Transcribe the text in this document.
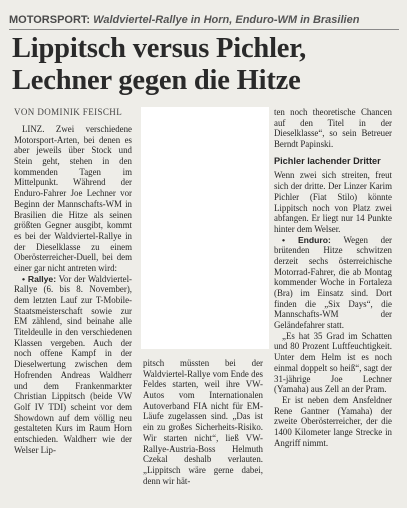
MOTORSPORT: Waldviertel-Rallye in Horn, Enduro-WM in Brasilien
Lippitsch versus Pichler,
Lechner gegen die Hitze
VON DOMINIK FEISCHL

LINZ. Zwei verschiedene Motorsport-Arten, bei denen es aber jeweils über Stock und Stein geht, stehen in den kommenden Tagen im Mittelpunkt. Während der Enduro-Fahrer Joe Lechner vor Beginn der Mannschafts-WM in Brasilien die Hitze als seinen größten Gegner ausgibt, kommt es bei der Waldviertel-Rallye in der Dieselklasse zu einem Oberösterreicher-Duell, bei dem einer gar nicht antreten wird:

• Rallye: Vor der Waldviertel-Rallye (6. bis 8. November), dem letzten Lauf zur T-Mobile-Staatsmeisterschaft sowie zur EM zählend, sind beinahe alle Titeldeulle in den verschiedenen Klassen vergeben. Auch der noch offene Kampf in der Dieselwertung zwischen dem Hofrenden Andreas Waldherr und dem Frankenmarkter Christian Lippitsch (beide VW Golf IV TDI) scheint vor dem Showdown auf dem völlig neu gestalteten Kurs im Raum Horn entschieden. Waldherr wie der Welser Lip-

pitsch müssten bei der Waldviertel-Rallye vom Ende des Feldes starten, weil ihre VW-Autos vom Internationalen Autoverband FIA nicht für EM-Läufe zugelassen sind. „Das ist ein zu großes Sicherheits-Risiko. Wir starten nicht“, ließ VW-Rallye-Austria-Boss Helmuth Czekal deshalb verlauten. „Lippitsch wäre gerne dabei, denn wir hät-

ten noch theoretische Chancen auf den Titel in der Dieselklasse“, so sein Betreuer Berndt Papinski.

Pichler lachender Dritter

Wenn zwei sich streiten, freut sich der dritte. Der Linzer Karim Pichler (Fiat Stilo) könnte Lippitsch noch von Platz zwei abfangen. Er liegt nur 14 Punkte hinter dem Welser.

• Enduro: Wegen der brütenden Hitze schwitzen derzeit sechs österreichische Motorrad-Fahrer, die ab Montag kommender Woche in Fortaleza (Bra) im Einsatz sind. Dort finden die „Six Days“, die Mannschafts-WM der Geländefahrer statt.

„Es hat 35 Grad im Schatten und 80 Prozent Luftfeuchtigkeit. Unter dem Helm ist es noch einmal doppelt so heiß“, sagt der 31-jährige Joe Lechner (Yamaha) aus Zell an der Pram.

Er ist neben dem Ansfeldner Rene Gantner (Yamaha) der zweite Oberösterreicher, der die 1400 Kilometer lange Strecke in Angriff nimmt.
